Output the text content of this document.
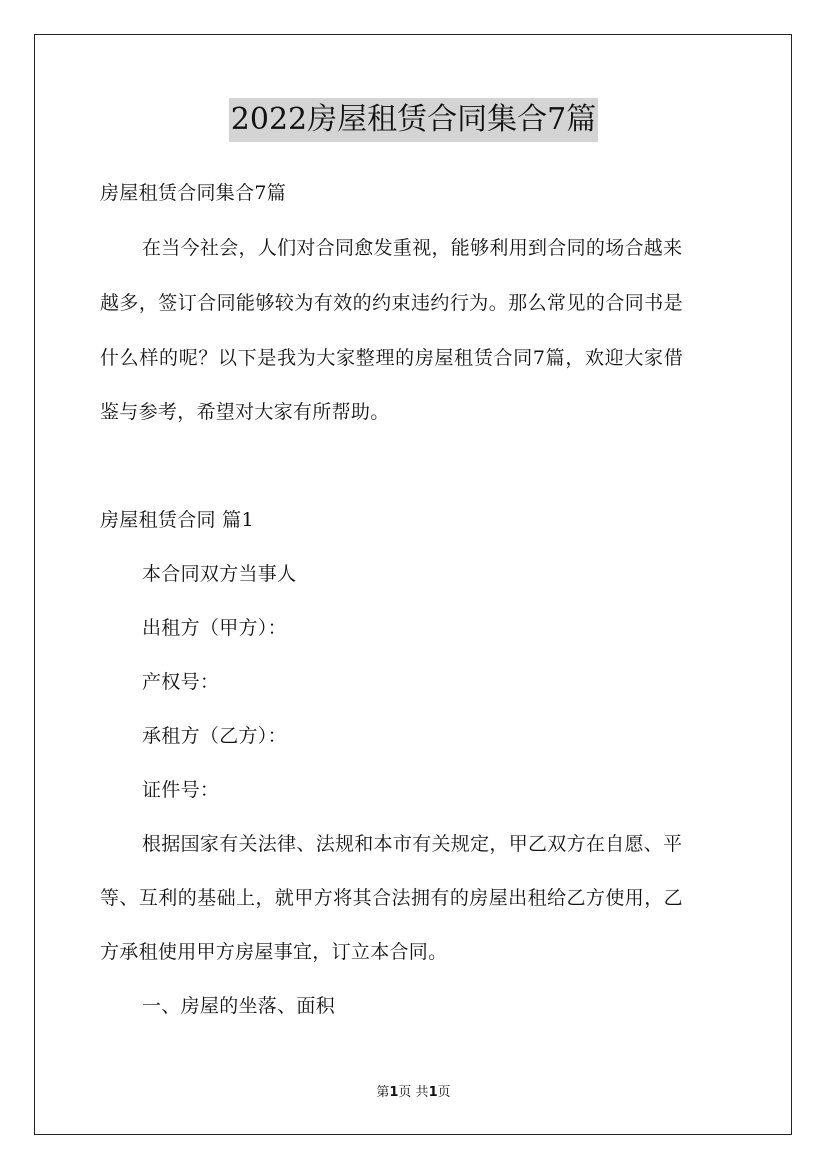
2022房屋租赁合同集合7篇
房屋租赁合同集合7篇
在当今社会，人们对合同愈发重视，能够利用到合同的场合越来
越多，签订合同能够较为有效的约束违约行为。那么常见的合同书是
什么样的呢？以下是我为大家整理的房屋租赁合同7篇，欢迎大家借
鉴与参考，希望对大家有所帮助。
房屋租赁合同 篇1
本合同双方当事人
出租方（甲方）：
产权号：
承租方（乙方）：
证件号：
根据国家有关法律、法规和本市有关规定，甲乙双方在自愿、平
等、互利的基础上，就甲方将其合法拥有的房屋出租给乙方使用，乙
方承租使用甲方房屋事宜，订立本合同。
一、房屋的坐落、面积
第1页 共1页
